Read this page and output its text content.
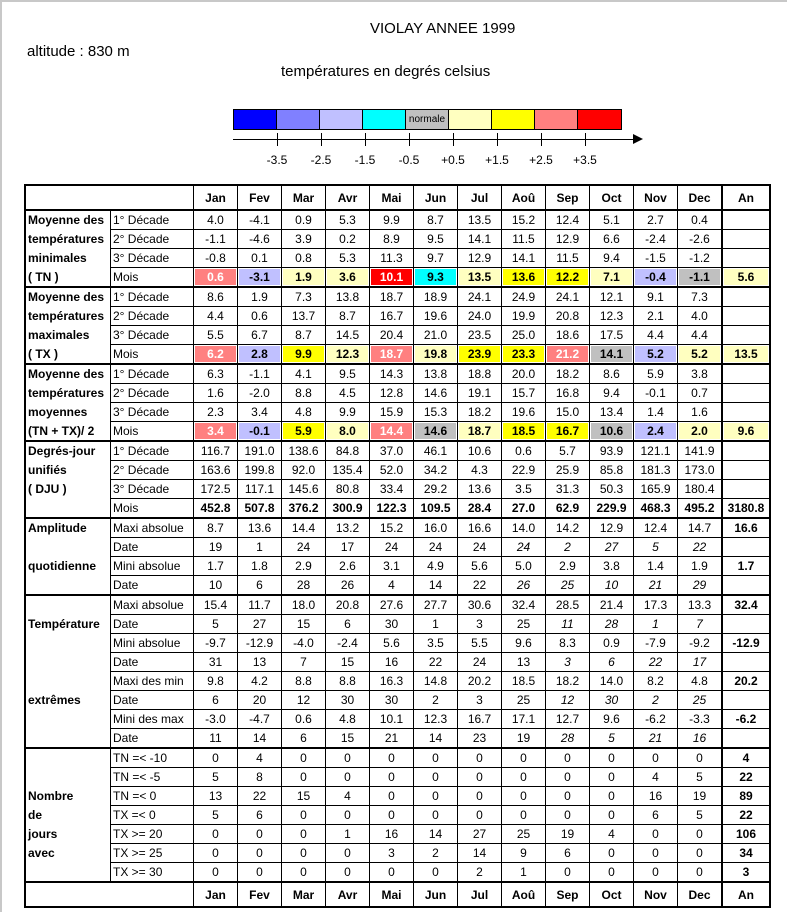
VIOLAY ANNEE 1999
altitude : 830 m
températures en degrés celsius
normale
-3.5 -2.5 -1.5 -0.5 +0.5 +1.5 +2.5 +3.5
		Jan	Fev	Mar	Avr	Mai	Jun	Jul	Aoû	Sep	Oct	Nov	Dec	An
Moyenne des	1° Décade	4.0	-4.1	0.9	5.3	9.9	8.7	13.5	15.2	12.4	5.1	2.7	0.4	
températures	2° Décade	-1.1	-4.6	3.9	0.2	8.9	9.5	14.1	11.5	12.9	6.6	-2.4	-2.6	
minimales	3° Décade	-0.8	0.1	0.8	5.3	11.3	9.7	12.9	14.1	11.5	9.4	-1.5	-1.2	
( TN )	Mois	0.6	-3.1	1.9	3.6	10.1	9.3	13.5	13.6	12.2	7.1	-0.4	-1.1	5.6

Moyenne des	1° Décade	8.6	1.9	7.3	13.8	18.7	18.9	24.1	24.9	24.1	12.1	9.1	7.3	
températures	2° Décade	4.4	0.6	13.7	8.7	16.7	19.6	24.0	19.9	20.8	12.3	2.1	4.0	
maximales	3° Décade	5.5	6.7	8.7	14.5	20.4	21.0	23.5	25.0	18.6	17.5	4.4	4.4	
( TX )	Mois	6.2	2.8	9.9	12.3	18.7	19.8	23.9	23.3	21.2	14.1	5.2	5.2	13.5

Moyenne des	1° Décade	6.3	-1.1	4.1	9.5	14.3	13.8	18.8	20.0	18.2	8.6	5.9	3.8	
températures	2° Décade	1.6	-2.0	8.8	4.5	12.8	14.6	19.1	15.7	16.8	9.4	-0.1	0.7	
moyennes	3° Décade	2.3	3.4	4.8	9.9	15.9	15.3	18.2	19.6	15.0	13.4	1.4	1.6	
(TN + TX)/ 2	Mois	3.4	-0.1	5.9	8.0	14.4	14.6	18.7	18.5	16.7	10.6	2.4	2.0	9.6

Degrés-jour	1° Décade	116.7	191.0	138.6	84.8	37.0	46.1	10.6	0.6	5.7	93.9	121.1	141.9	
unifiés	2° Décade	163.6	199.8	92.0	135.4	52.0	34.2	4.3	22.9	25.9	85.8	181.3	173.0	
( DJU )	3° Décade	172.5	117.1	145.6	80.8	33.4	29.2	13.6	3.5	31.3	50.3	165.9	180.4	
	Mois	452.8	507.8	376.2	300.9	122.3	109.5	28.4	27.0	62.9	229.9	468.3	495.2	3180.8
Amplitude	Maxi absolue	8.7	13.6	14.4	13.2	15.2	16.0	16.6	14.0	14.2	12.9	12.4	14.7	16.6
	Date	19	1	24	17	24	24	24	24	2	27	5	22	
quotidienne	Mini absolue	1.7	1.8	2.9	2.6	3.1	4.9	5.6	5.0	2.9	3.8	1.4	1.9	1.7
	Date	10	6	28	26	4	14	22	26	25	10	21	29	
	Maxi absolue	15.4	11.7	18.0	20.8	27.6	27.7	30.6	32.4	28.5	21.4	17.3	13.3	32.4
Température	Date	5	27	15	6	30	1	3	25	11	28	1	7	
	Mini absolue	-9.7	-12.9	-4.0	-2.4	5.6	3.5	5.5	9.6	8.3	0.9	-7.9	-9.2	-12.9
	Date	31	13	7	15	16	22	24	13	3	6	22	17	
	Maxi des min	9.8	4.2	8.8	8.8	16.3	14.8	20.2	18.5	18.2	14.0	8.2	4.8	20.2
extrêmes	Date	6	20	12	30	30	2	3	25	12	30	2	25	
	Mini des max	-3.0	-4.7	0.6	4.8	10.1	12.3	16.7	17.1	12.7	9.6	-6.2	-3.3	-6.2
	Date	11	14	6	15	21	14	23	19	28	5	21	16	
	TN =< -10	0	4	0	0	0	0	0	0	0	0	0	0	4
	TN =< -5	5	8	0	0	0	0	0	0	0	0	4	5	22
Nombre	TN =< 0	13	22	15	4	0	0	0	0	0	0	16	19	89
de	TX =< 0	5	6	0	0	0	0	0	0	0	0	6	5	22
jours	TX >= 20	0	0	0	1	16	14	27	25	19	4	0	0	106
avec	TX >= 25	0	0	0	0	3	2	14	9	6	0	0	0	34
	TX >= 30	0	0	0	0	0	0	2	1	0	0	0	0	3
		Jan	Fev	Mar	Avr	Mai	Jun	Jul	Aoû	Sep	Oct	Nov	Dec	An
